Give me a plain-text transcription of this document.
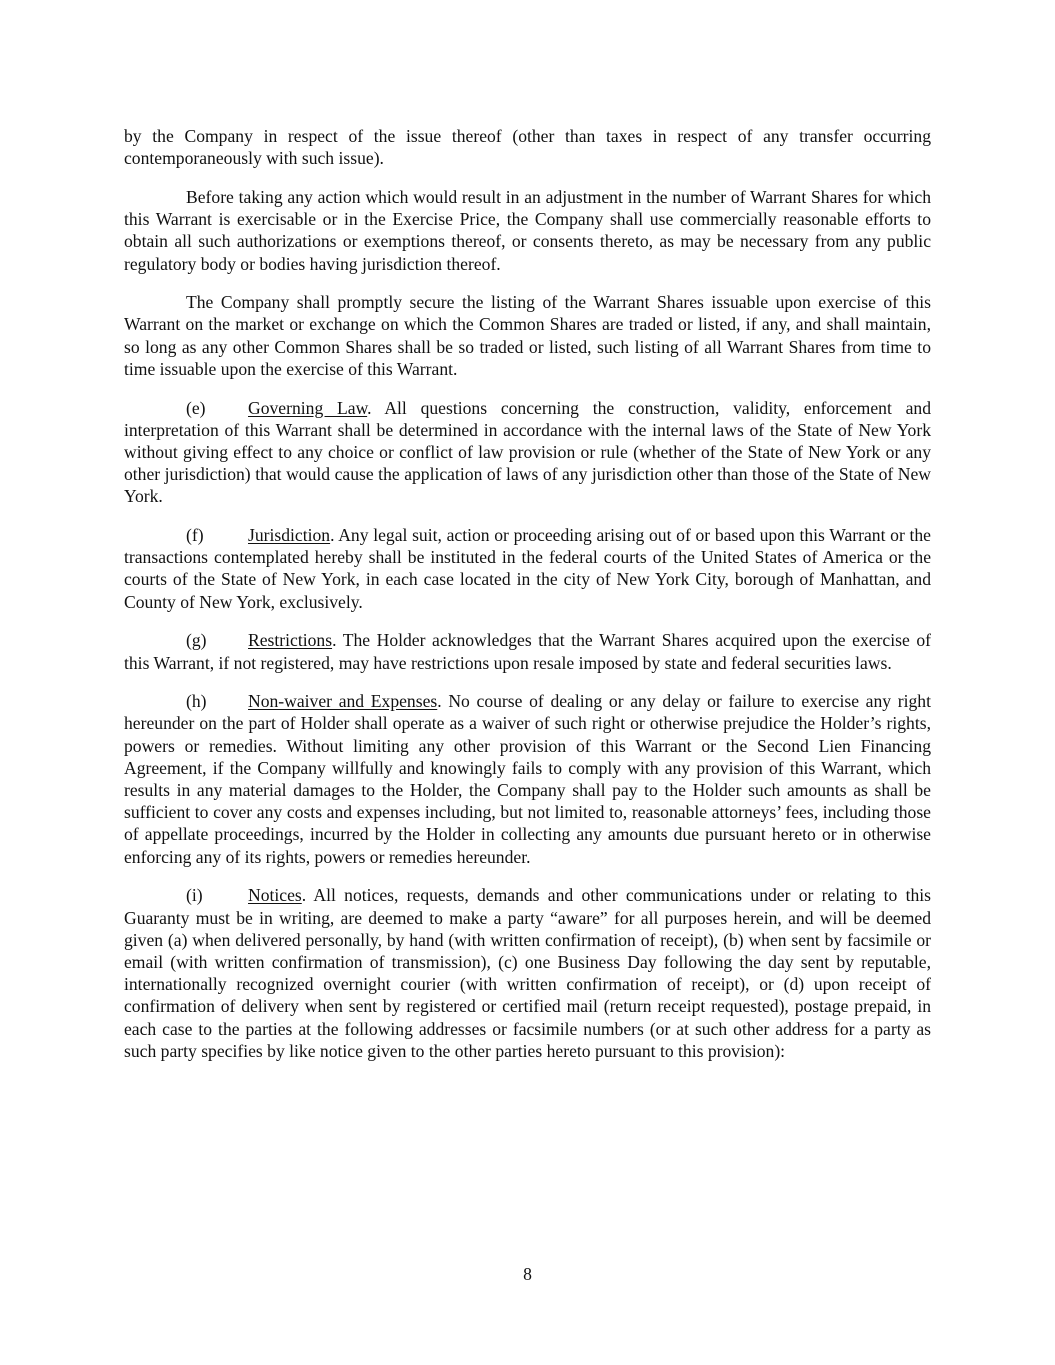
by the Company in respect of the issue thereof (other than taxes in respect of any transfer occurring contemporaneously with such issue).

Before taking any action which would result in an adjustment in the number of Warrant Shares for which this Warrant is exercisable or in the Exercise Price, the Company shall use commercially reasonable efforts to obtain all such authorizations or exemptions thereof, or consents thereto, as may be necessary from any public regulatory body or bodies having jurisdiction thereof.

The Company shall promptly secure the listing of the Warrant Shares issuable upon exercise of this Warrant on the market or exchange on which the Common Shares are traded or listed, if any, and shall maintain, so long as any other Common Shares shall be so traded or listed, such listing of all Warrant Shares from time to time issuable upon the exercise of this Warrant.

(e) Governing Law. All questions concerning the construction, validity, enforcement and interpretation of this Warrant shall be determined in accordance with the internal laws of the State of New York without giving effect to any choice or conflict of law provision or rule (whether of the State of New York or any other jurisdiction) that would cause the application of laws of any jurisdiction other than those of the State of New York.

(f)	Jurisdiction. Any legal suit, action or proceeding arising out of or based upon this Warrant or the transactions contemplated hereby shall be instituted in the federal courts of the United States of America or the courts of the State of New York, in each case located in the city of New York City, borough of Manhattan, and County of New York, exclusively.

(g) Restrictions. The Holder acknowledges that the Warrant Shares acquired upon the exercise of this Warrant, if not registered, may have restrictions upon resale imposed by state and federal securities laws.

(h) Non-waiver and Expenses. No course of dealing or any delay or failure to exercise any right hereunder on the part of Holder shall operate as a waiver of such right or otherwise prejudice the Holder’s rights, powers or remedies. Without limiting any other provision of this Warrant or the Second Lien Financing Agreement, if the Company willfully and knowingly fails to comply with any provision of this Warrant, which results in any material damages to the Holder, the Company shall pay to the Holder such amounts as shall be sufficient to cover any costs and expenses including, but not limited to, reasonable attorneys’ fees, including those of appellate proceedings, incurred by the Holder in collecting any amounts due pursuant hereto or in otherwise enforcing any of its rights, powers or remedies hereunder.

(i)	Notices. All notices, requests, demands and other communications under or relating to this Guaranty must be in writing, are deemed to make a party “aware” for all purposes herein, and will be deemed given (a) when delivered personally, by hand (with written confirmation of receipt), (b) when sent by facsimile or email (with written confirmation of transmission), (c) one Business Day following the day sent by reputable, internationally recognized overnight courier (with written confirmation of receipt), or (d) upon receipt of confirmation of delivery when sent by registered or certified mail (return receipt requested), postage prepaid, in each case to the parties at the following addresses or facsimile numbers (or at such other address for a party as such party specifies by like notice given to the other parties hereto pursuant to this provision):

8
